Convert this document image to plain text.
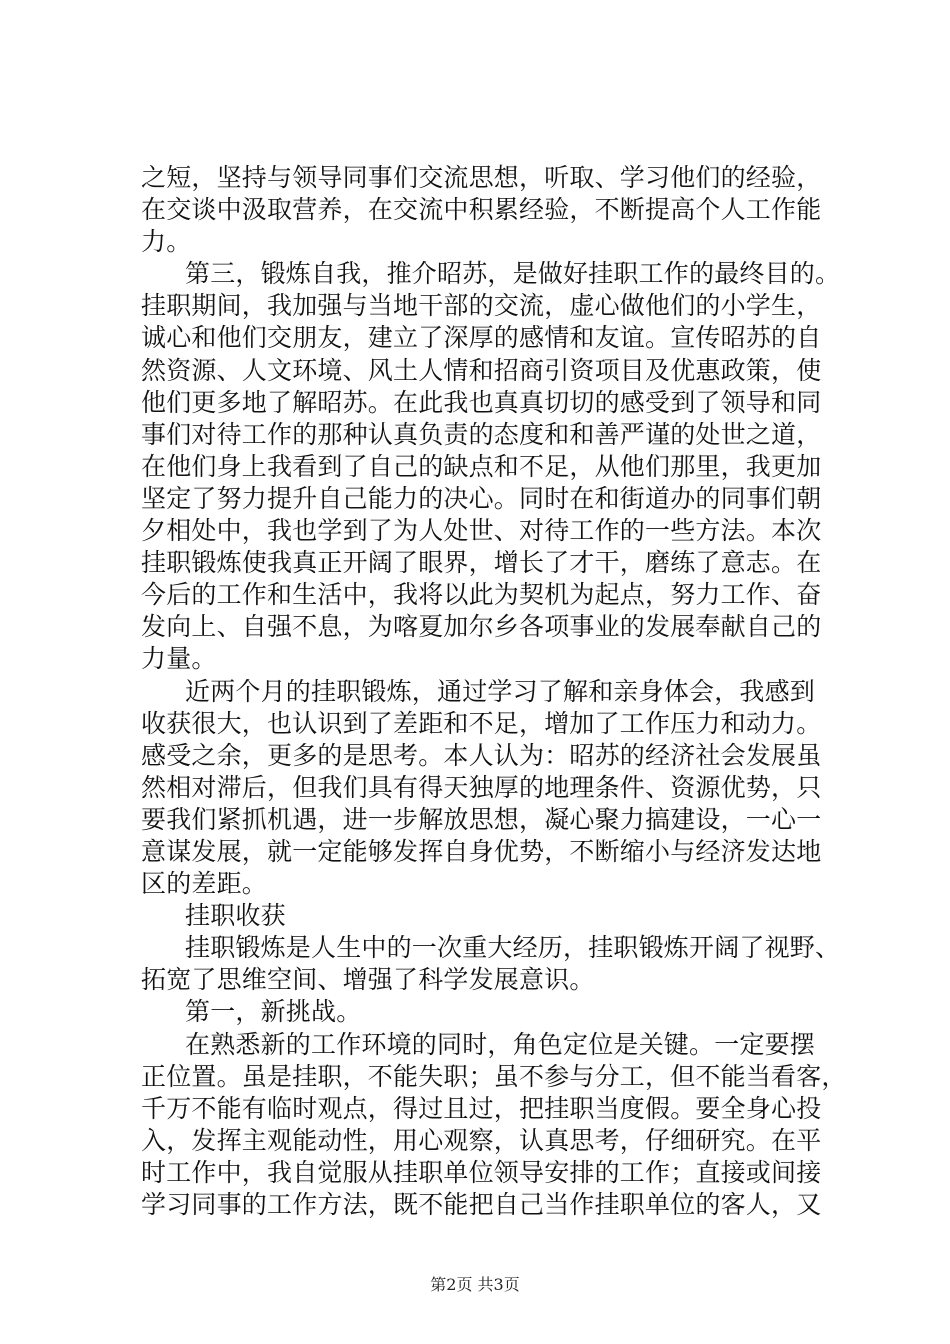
之短，坚持与领导同事们交流思想，听取、学习他们的经验，
在交谈中汲取营养，在交流中积累经验，不断提高个人工作能
力。
第三，锻炼自我，推介昭苏，是做好挂职工作的最终目的。
挂职期间，我加强与当地干部的交流，虚心做他们的小学生，
诚心和他们交朋友，建立了深厚的感情和友谊。宣传昭苏的自
然资源、人文环境、风土人情和招商引资项目及优惠政策，使
他们更多地了解昭苏。在此我也真真切切的感受到了领导和同
事们对待工作的那种认真负责的态度和和善严谨的处世之道，
在他们身上我看到了自己的缺点和不足，从他们那里，我更加
坚定了努力提升自己能力的决心。同时在和街道办的同事们朝
夕相处中，我也学到了为人处世、对待工作的一些方法。本次
挂职锻炼使我真正开阔了眼界，增长了才干，磨练了意志。在
今后的工作和生活中，我将以此为契机为起点，努力工作、奋
发向上、自强不息，为喀夏加尔乡各项事业的发展奉献自己的
力量。
近两个月的挂职锻炼，通过学习了解和亲身体会，我感到
收获很大，也认识到了差距和不足，增加了工作压力和动力。
感受之余，更多的是思考。本人认为：昭苏的经济社会发展虽
然相对滞后，但我们具有得天独厚的地理条件、资源优势，只
要我们紧抓机遇，进一步解放思想，凝心聚力搞建设，一心一
意谋发展，就一定能够发挥自身优势，不断缩小与经济发达地
区的差距。
挂职收获
挂职锻炼是人生中的一次重大经历，挂职锻炼开阔了视野、
拓宽了思维空间、增强了科学发展意识。
第一，新挑战。
在熟悉新的工作环境的同时，角色定位是关键。一定要摆
正位置。虽是挂职，不能失职；虽不参与分工，但不能当看客，
千万不能有临时观点，得过且过，把挂职当度假。要全身心投
入，发挥主观能动性，用心观察，认真思考，仔细研究。在平
时工作中，我自觉服从挂职单位领导安排的工作；直接或间接
学习同事的工作方法，既不能把自己当作挂职单位的客人，又
第2页 共3页
